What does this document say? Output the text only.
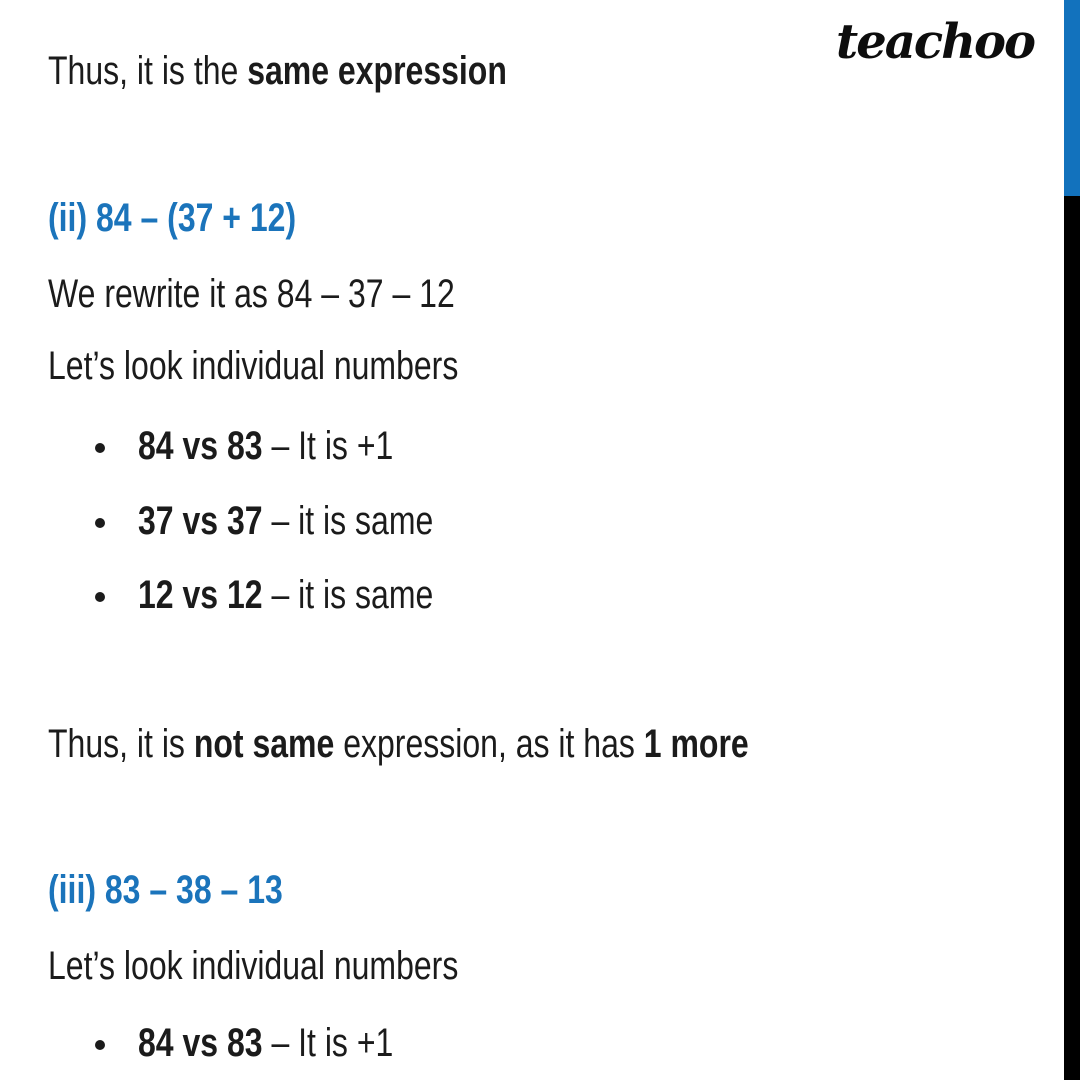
teachoo
Thus, it is the same expression
(ii) 84 – (37 + 12)
We rewrite it as 84 – 37 – 12
Let’s look individual numbers
84 vs 83 – It is +1
37 vs 37 – it is same
12 vs 12 – it is same
Thus, it is not same expression, as it has 1 more
(iii) 83 – 38 – 13
Let’s look individual numbers
84 vs 83 – It is +1
